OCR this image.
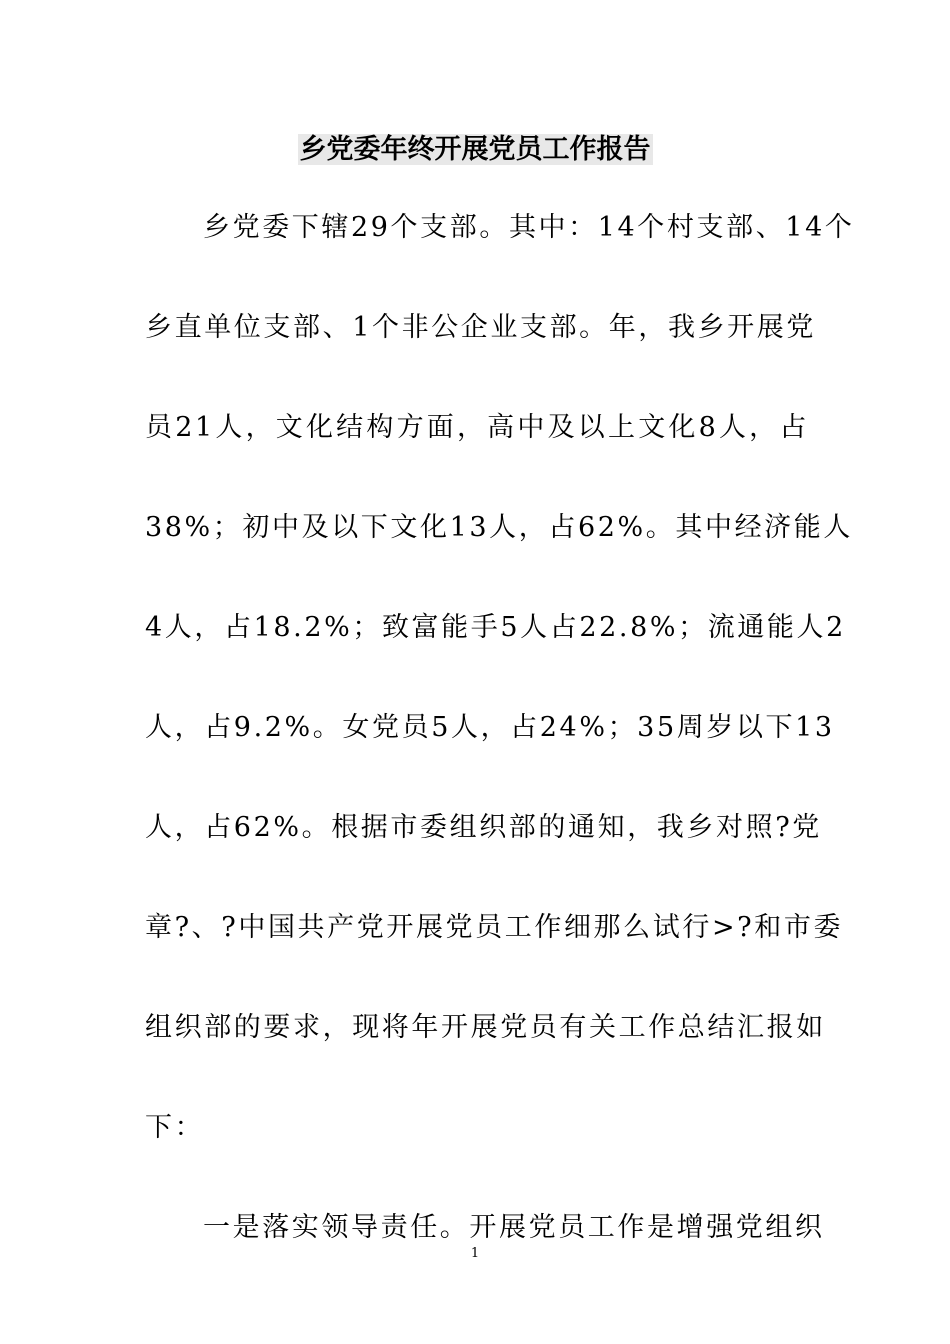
乡党委年终开展党员工作报告
乡党委下辖29个支部。其中：14个村支部、14个
乡直单位支部、1个非公企业支部。年，我乡开展党
员21人，文化结构方面，高中及以上文化8人，占
38%；初中及以下文化13人，占62%。其中经济能人
4人，占18.2%；致富能手5人占22.8%；流通能人2
人，占9.2%。女党员5人，占24%；35周岁以下13
人，占62%。根据市委组织部的通知，我乡对照?党
章?、?中国共产党开展党员工作细那么试行>?和市委
组织部的要求，现将年开展党员有关工作总结汇报如
下：
一是落实领导责任。开展党员工作是增强党组织
1
